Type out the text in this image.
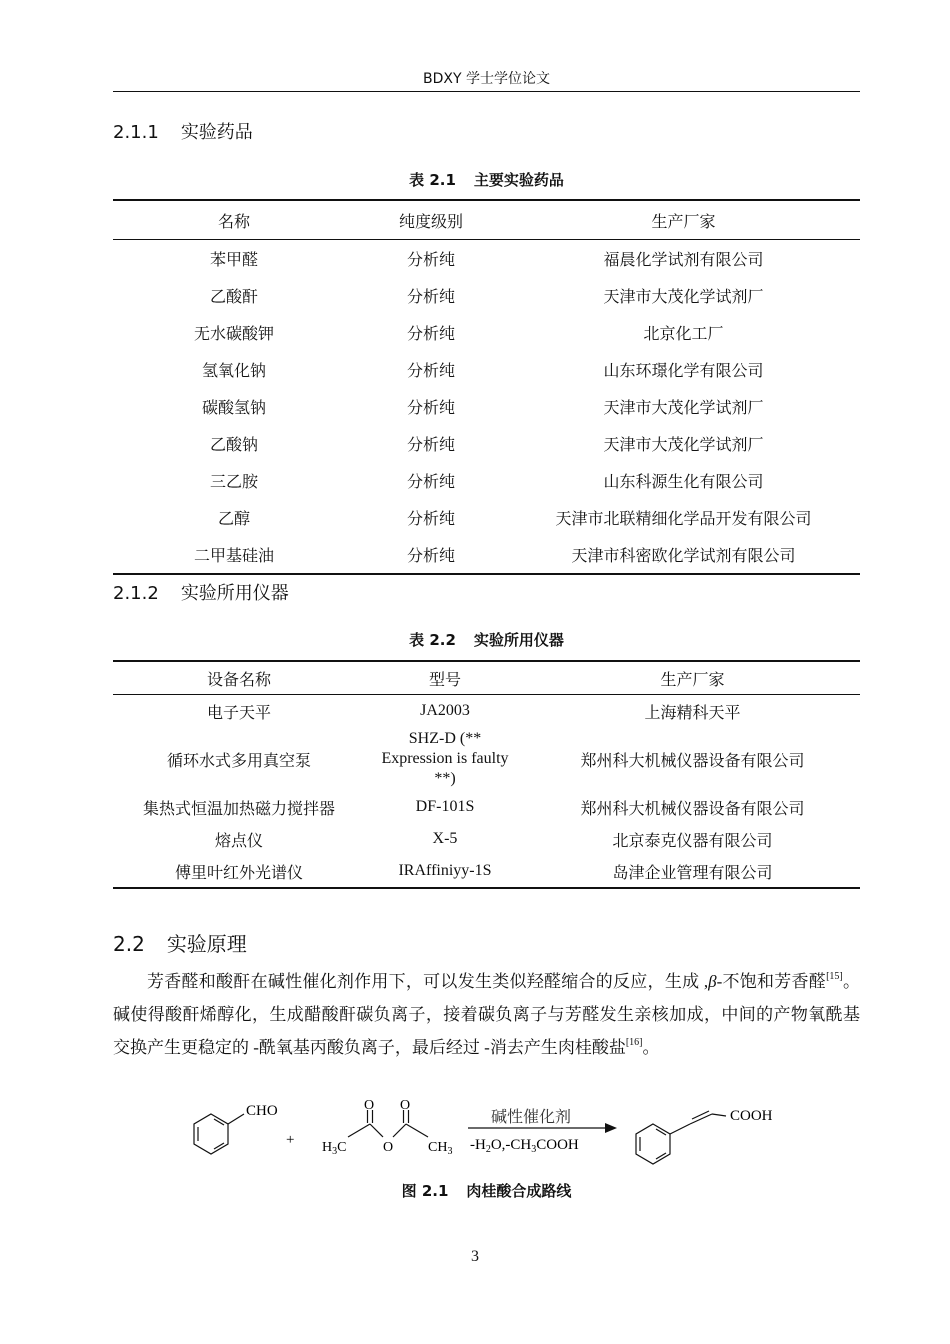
BDXY 学士学位论文
2.1.1 实验药品
表 2.1 主要实验药品
名称	纯度级别	生产厂家
苯甲醛	分析纯	福晨化学试剂有限公司
乙酸酐	分析纯	天津市大茂化学试剂厂
无水碳酸钾	分析纯	北京化工厂
氢氧化钠	分析纯	山东环璟化学有限公司
碳酸氢钠	分析纯	天津市大茂化学试剂厂
乙酸钠	分析纯	天津市大茂化学试剂厂
三乙胺	分析纯	山东科源生化有限公司
乙醇	分析纯	天津市北联精细化学品开发有限公司
二甲基硅油	分析纯	天津市科密欧化学试剂有限公司
2.1.2 实验所用仪器
表 2.2 实验所用仪器
设备名称	型号	生产厂家
电子天平	JA2003	上海精科天平
循环水式多用真空泵	SHZ-D (**
Expression is faulty
**)	郑州科大机械仪器设备有限公司
集热式恒温加热磁力搅拌器	DF-101S	郑州科大机械仪器设备有限公司
熔点仪	X-5	北京泰克仪器有限公司
傅里叶红外光谱仪	IRAffiniyy-1S	岛津企业管理有限公司
2.2 实验原理
芳香醛和酸酐在碱性催化剂作用下，可以发生类似羟醛缩合的反应，生成 ,β-不饱和芳香醛[15]。碱使得酸酐烯醇化，生成醋酸酐碳负离子，接着碳负离子与芳醛发生亲核加成，中间的产物氧酰基交换产生更稳定的 -酰氧基丙酸负离子，最后经过 -消去产生肉桂酸盐[16]。
CHO
+
O O
O
$H_3C$	$CH_3$
碱性催化剂
$-H_2O,-CH_3COOH$
COOH
图 2.1 肉桂酸合成路线
3
